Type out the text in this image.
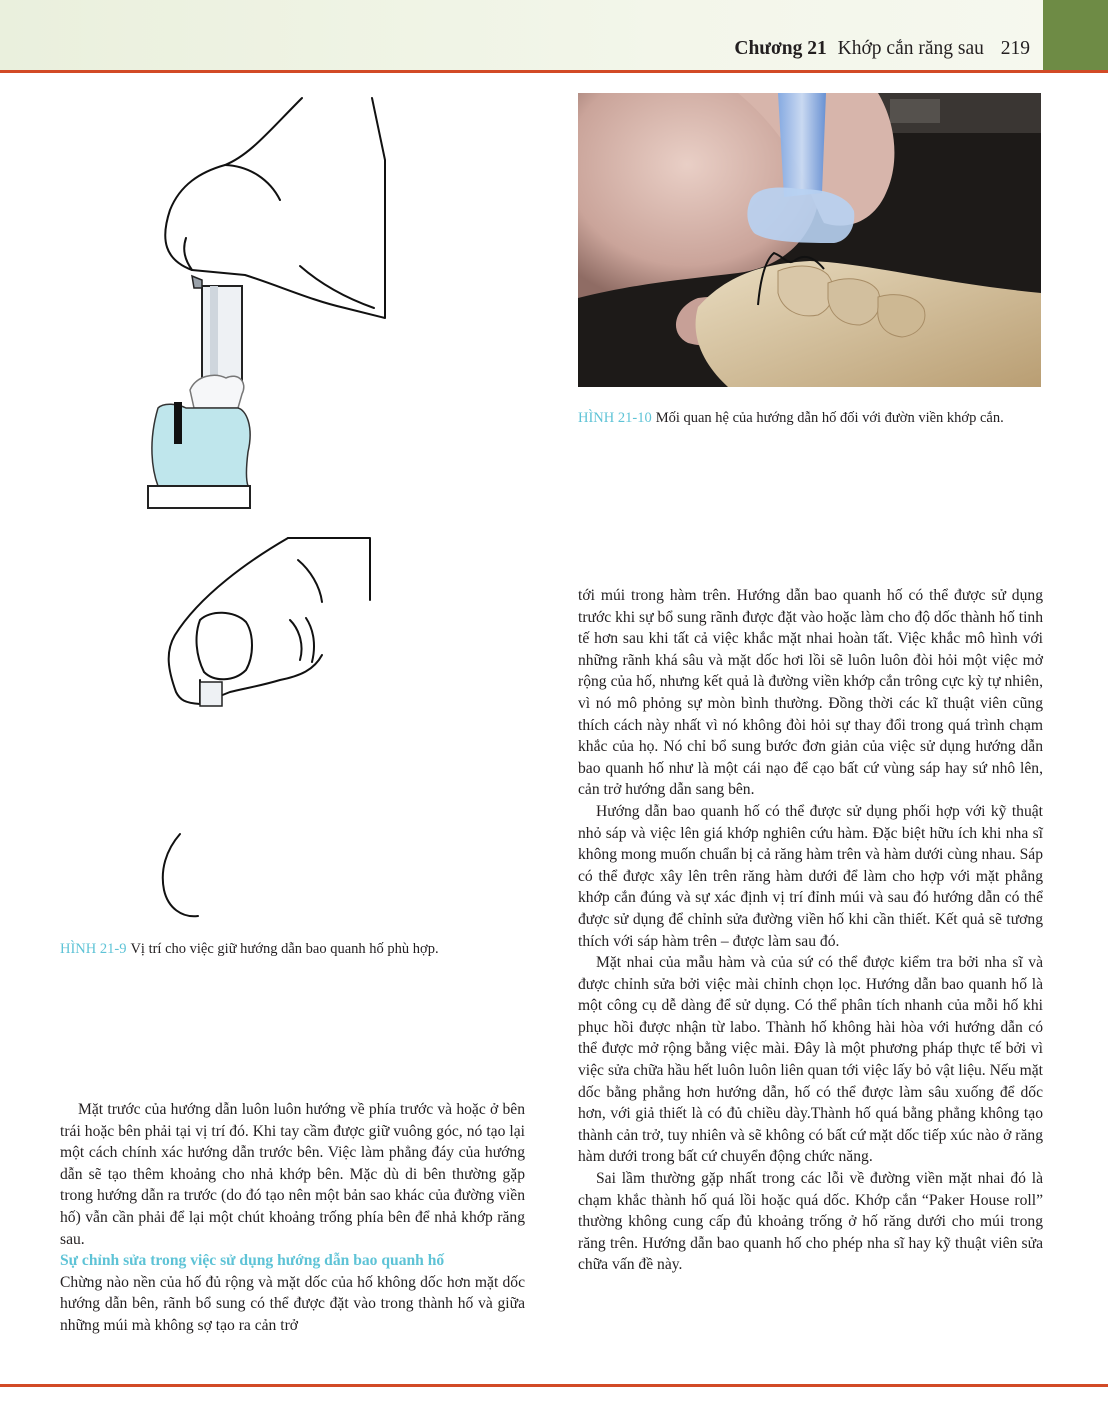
Chương 21 Khớp cắn răng sau 219
HÌNH 21-10 Mối quan hệ của hướng dẫn hố đối với đườn viền khớp cắn.
HÌNH 21-9 Vị trí cho việc giữ hướng dẫn bao quanh hố phù hợp.

Mặt trước của hướng dẫn luôn luôn hướng về phía trước và hoặc ở bên trái hoặc bên phải tại vị trí đó. Khi tay cầm được giữ vuông góc, nó tạo lại một cách chính xác hướng dẫn trước bên. Việc làm phẳng đáy của hướng dẫn sẽ tạo thêm khoảng cho nhả khớp bên. Mặc dù di bên thường gặp trong hướng dẫn ra trước (do đó tạo nên một bản sao khác của đường viền hố) vẫn cần phải để lại một chút khoảng trống phía bên để nhả khớp răng sau.

Sự chỉnh sửa trong việc sử dụng hướng dẫn bao quanh hố

Chừng nào nền của hố đủ rộng và mặt dốc của hố không dốc hơn mặt dốc hướng dẫn bên, rãnh bổ sung có thể được đặt vào trong thành hố và giữa những múi mà không sợ tạo ra cản trở

tới múi trong hàm trên. Hướng dẫn bao quanh hố có thể được sử dụng trước khi sự bổ sung rãnh được đặt vào hoặc làm cho độ dốc thành hố tinh tế hơn sau khi tất cả việc khắc mặt nhai hoàn tất. Việc khắc mô hình với những rãnh khá sâu và mặt dốc hơi lồi sẽ luôn luôn đòi hỏi một việc mở rộng của hố, nhưng kết quả là đường viền khớp cắn trông cực kỳ tự nhiên, vì nó mô phỏng sự mòn bình thường. Đồng thời các kĩ thuật viên cũng thích cách này nhất vì nó không đòi hỏi sự thay đổi trong quá trình chạm khắc của họ. Nó chỉ bổ sung bước đơn giản của việc sử dụng hướng dẫn bao quanh hố như là một cái nạo để cạo bất cứ vùng sáp hay sứ nhô lên, cản trở hướng dẫn sang bên.

Hướng dẫn bao quanh hố có thể được sử dụng phối hợp với kỹ thuật nhỏ sáp và việc lên giá khớp nghiên cứu hàm. Đặc biệt hữu ích khi nha sĩ không mong muốn chuẩn bị cả răng hàm trên và hàm dưới cùng nhau. Sáp có thể được xây lên trên răng hàm dưới để làm cho hợp với mặt phẳng khớp cắn đúng và sự xác định vị trí đỉnh múi và sau đó hướng dẫn có thể được sử dụng để chỉnh sửa đường viền hố khi cần thiết. Kết quả sẽ tương thích với sáp hàm trên – được làm sau đó.

Mặt nhai của mẫu hàm và của sứ có thể được kiểm tra bởi nha sĩ và được chỉnh sửa bởi việc mài chỉnh chọn lọc. Hướng dẫn bao quanh hố là một công cụ dễ dàng để sử dụng. Có thể phân tích nhanh của mỗi hố khi phục hồi được nhận từ labo. Thành hố không hài hòa với hướng dẫn có thể được mở rộng bằng việc mài. Đây là một phương pháp thực tế bởi vì việc sửa chữa hầu hết luôn luôn liên quan tới việc lấy bỏ vật liệu. Nếu mặt dốc bằng phẳng hơn hướng dẫn, hố có thể được làm sâu xuống để dốc hơn, với giả thiết là có đủ chiều dày.Thành hố quá bằng phẳng không tạo thành cản trở, tuy nhiên và sẽ không có bất cứ mặt dốc tiếp xúc nào ở răng hàm dưới trong bất cứ chuyển động chức năng.

Sai lầm thường gặp nhất trong các lỗi về đường viền mặt nhai đó là chạm khắc thành hố quá lồi hoặc quá dốc. Khớp cắn “Paker House roll” thường không cung cấp đủ khoảng trống ở hố răng dưới cho múi trong răng trên. Hướng dẫn bao quanh hố cho phép nha sĩ hay kỹ thuật viên sửa chữa vấn đề này.
